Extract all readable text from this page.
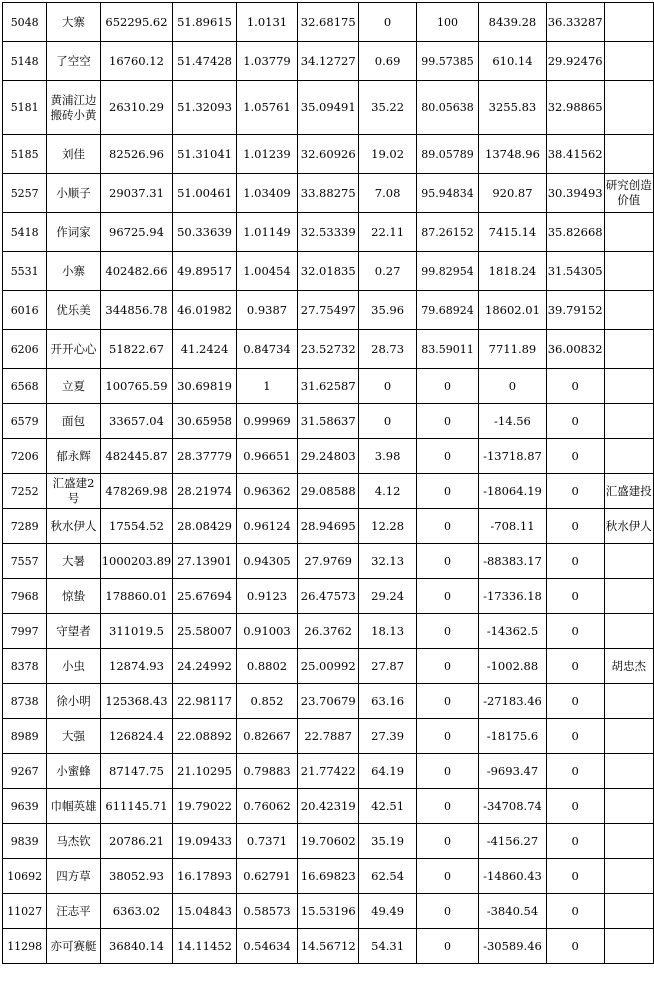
5048	大寨	652295.62	51.89615	1.0131	32.68175	0	100	8439.28	36.33287	
5148	了空空	16760.12	51.47428	1.03779	34.12727	0.69	99.57385	610.14	29.92476	
5181	黄浦江边搬砖小黄	26310.29	51.32093	1.05761	35.09491	35.22	80.05638	3255.83	32.98865	
5185	刘佳	82526.96	51.31041	1.01239	32.60926	19.02	89.05789	13748.96	38.41562	
5257	小顺子	29037.31	51.00461	1.03409	33.88275	7.08	95.94834	920.87	30.39493	研究创造价值
5418	作词家	96725.94	50.33639	1.01149	32.53339	22.11	87.26152	7415.14	35.82668	
5531	小寨	402482.66	49.89517	1.00454	32.01835	0.27	99.82954	1818.24	31.54305	
6016	优乐美	344856.78	46.01982	0.9387	27.75497	35.96	79.68924	18602.01	39.79152	
6206	开开心心	51822.67	41.2424	0.84734	23.52732	28.73	83.59011	7711.89	36.00832	
6568	立夏	100765.59	30.69819	1	31.62587	0	0	0	0	
6579	面包	33657.04	30.65958	0.99969	31.58637	0	0	-14.56	0	
7206	郁永辉	482445.87	28.37779	0.96651	29.24803	3.98	0	-13718.87	0	
7252	汇盛建2号	478269.98	28.21974	0.96362	29.08588	4.12	0	-18064.19	0	汇盛建投
7289	秋水伊人	17554.52	28.08429	0.96124	28.94695	12.28	0	-708.11	0	秋水伊人
7557	大暑	1000203.89	27.13901	0.94305	27.9769	32.13	0	-88383.17	0	
7968	惊蛰	178860.01	25.67694	0.9123	26.47573	29.24	0	-17336.18	0	
7997	守望者	311019.5	25.58007	0.91003	26.3762	18.13	0	-14362.5	0	
8378	小虫	12874.93	24.24992	0.8802	25.00992	27.87	0	-1002.88	0	胡忠杰
8738	徐小明	125368.43	22.98117	0.852	23.70679	63.16	0	-27183.46	0	
8989	大强	126824.4	22.08892	0.82667	22.7887	27.39	0	-18175.6	0	
9267	小蜜蜂	87147.75	21.10295	0.79883	21.77422	64.19	0	-9693.47	0	
9639	巾帼英雄	611145.71	19.79022	0.76062	20.42319	42.51	0	-34708.74	0	
9839	马杰钦	20786.21	19.09433	0.7371	19.70602	35.19	0	-4156.27	0	
10692	四方草	38052.93	16.17893	0.62791	16.69823	62.54	0	-14860.43	0	
11027	汪志平	6363.02	15.04843	0.58573	15.53196	49.49	0	-3840.54	0	
11298	亦可赛艇	36840.14	14.11452	0.54634	14.56712	54.31	0	-30589.46	0	
